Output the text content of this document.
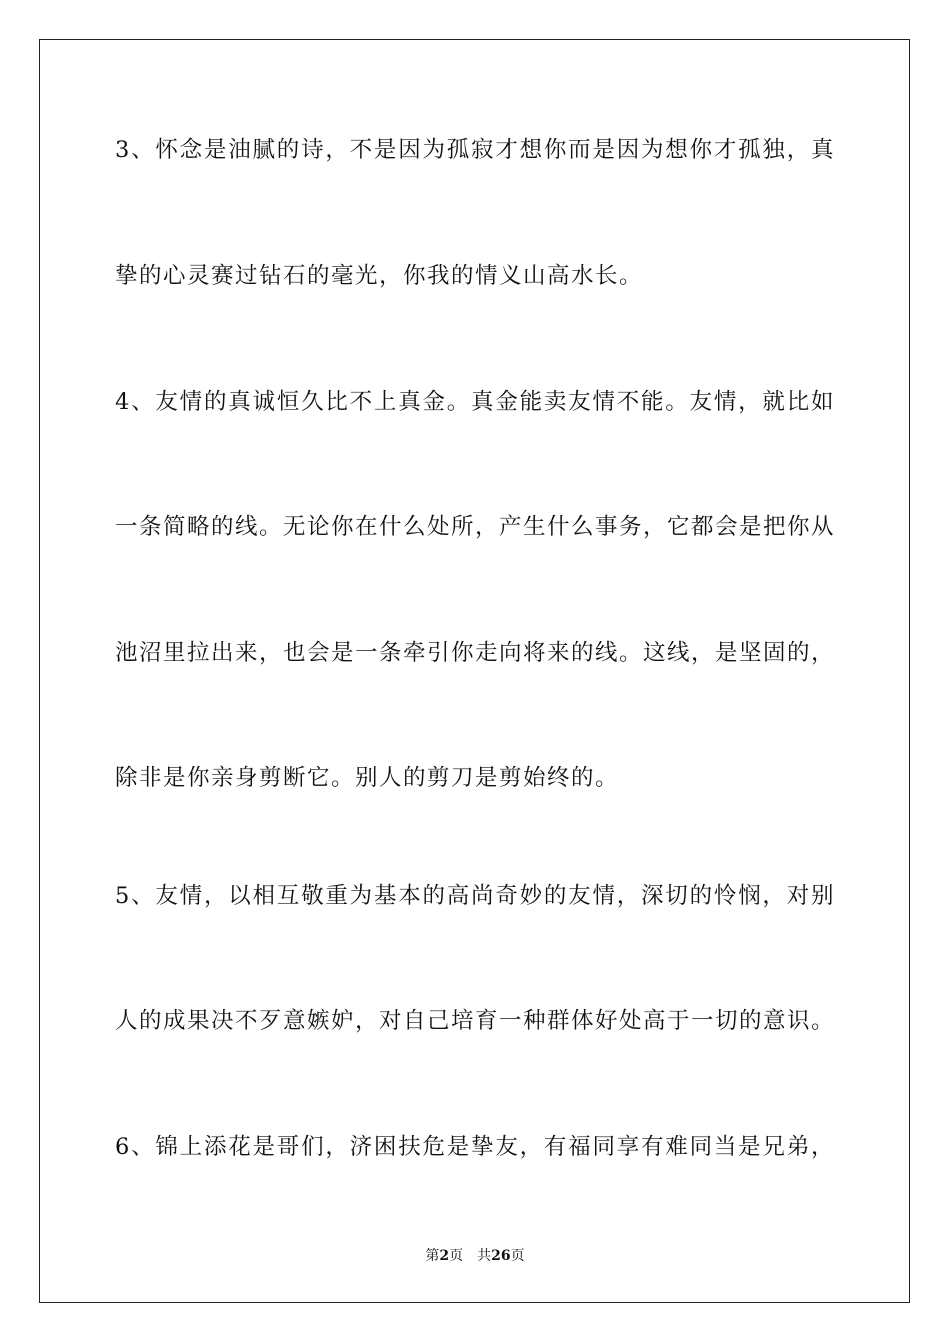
3、怀念是油腻的诗，不是因为孤寂才想你而是因为想你才孤独，真
挚的心灵赛过钻石的毫光，你我的情义山高水长。
4、友情的真诚恒久比不上真金。真金能卖友情不能。友情，就比如
一条简略的线。无论你在什么处所，产生什么事务，它都会是把你从
池沼里拉出来，也会是一条牵引你走向将来的线。这线，是坚固的，
除非是你亲身剪断它。别人的剪刀是剪始终的。
5、友情，以相互敬重为基本的高尚奇妙的友情，深切的怜悯，对别
人的成果决不歹意嫉妒，对自己培育一种群体好处高于一切的意识。
6、锦上添花是哥们，济困扶危是挚友，有福同享有难同当是兄弟，
第2页 共26页
